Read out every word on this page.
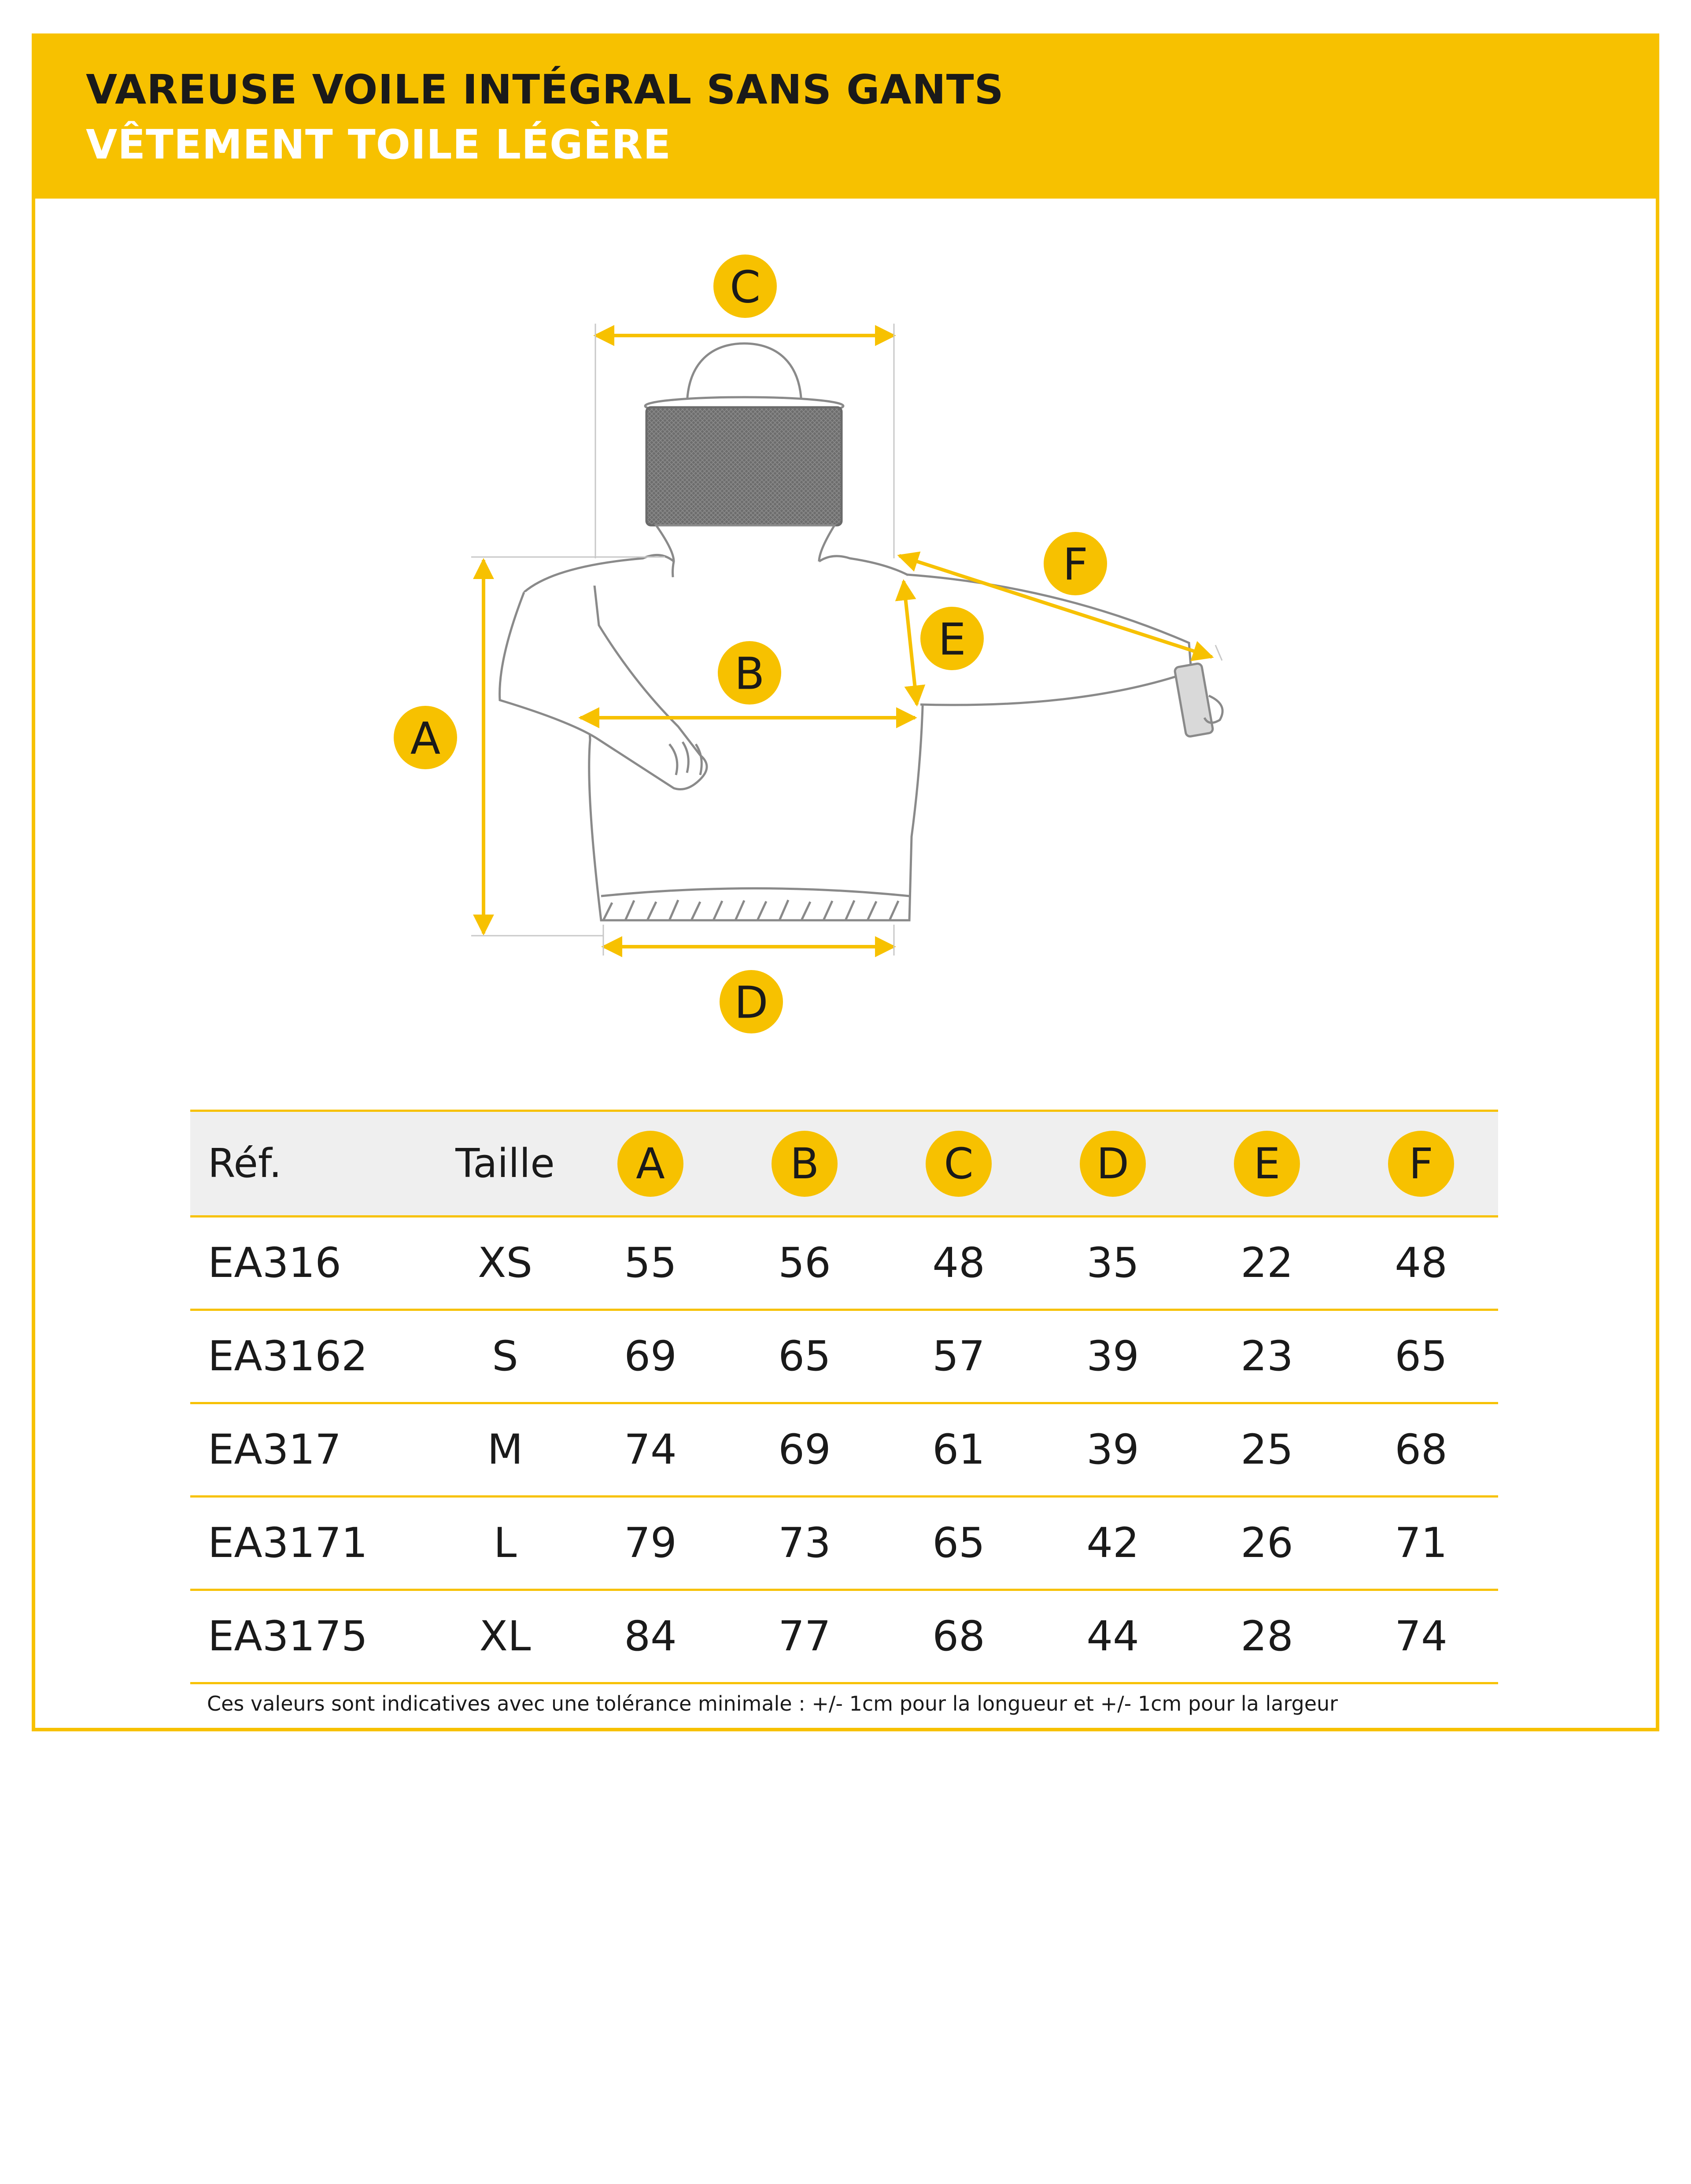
VAREUSE VOILE INTÉGRAL SANS GANTS
VÊTEMENT TOILE LÉGÈRE
C
F
E
B
A
D
Réf.	Taille	A	B	C	D	E	F
EA316	XS	55	56	48	35	22	48
EA3162	S	69	65	57	39	23	65
EA317	M	74	69	61	39	25	68
EA3171	L	79	73	65	42	26	71
EA3175	XL	84	77	68	44	28	74

Ces valeurs sont indicatives avec une tolérance minimale : +/- 1cm pour la longueur et +/- 1cm pour la largeur
